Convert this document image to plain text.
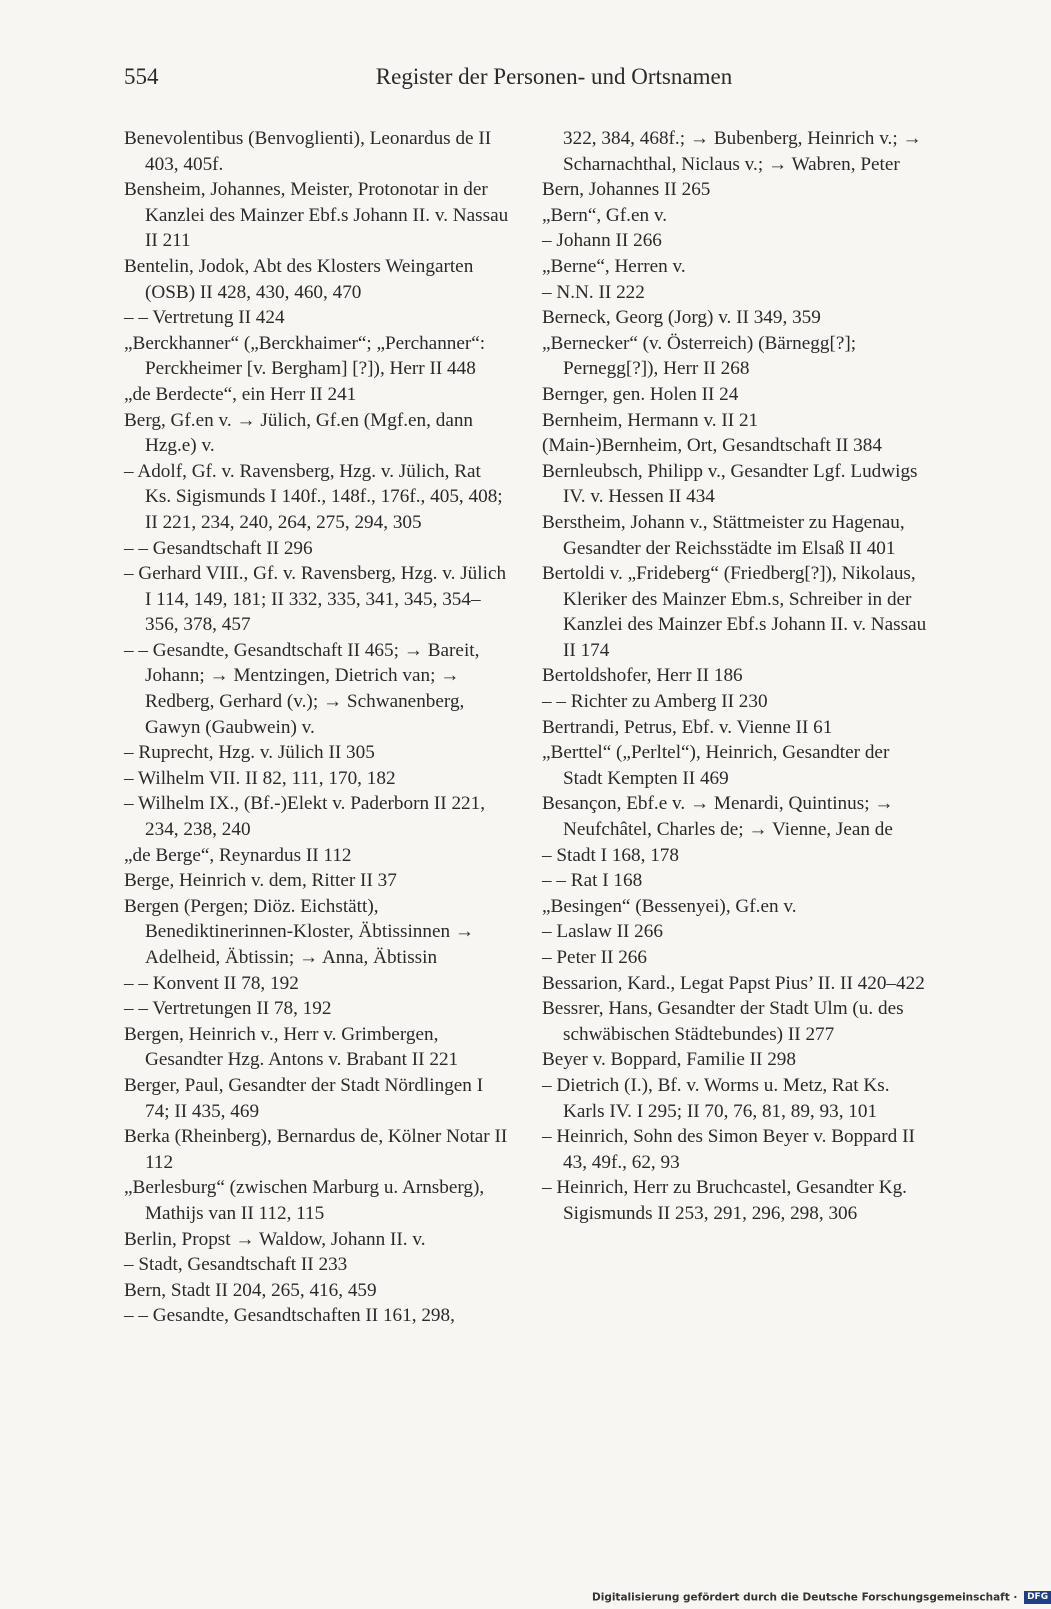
554	Register der Personen- und Ortsnamen
Benevolentibus (Benvoglienti), Leonardus de II 403, 405f.
Bensheim, Johannes, Meister, Protonotar in der Kanzlei des Mainzer Ebf.s Johann II. v. Nassau II 211
Bentelin, Jodok, Abt des Klosters Weingarten (OSB) II 428, 430, 460, 470
– – Vertretung II 424
„Berckhanner“ („Berckhaimer“; „Perchanner“: Perckheimer [v. Bergham] [?]), Herr II 448
„de Berdecte“, ein Herr II 241
Berg, Gf.en v. → Jülich, Gf.en (Mgf.en, dann Hzg.e) v.
– Adolf, Gf. v. Ravensberg, Hzg. v. Jülich, Rat Ks. Sigismunds I 140f., 148f., 176f., 405, 408; II 221, 234, 240, 264, 275, 294, 305
– – Gesandtschaft II 296
– Gerhard VIII., Gf. v. Ravensberg, Hzg. v. Jülich I 114, 149, 181; II 332, 335, 341, 345, 354–356, 378, 457
– – Gesandte, Gesandtschaft II 465; → Bareit, Johann; → Mentzingen, Dietrich van; → Redberg, Gerhard (v.); → Schwanenberg, Gawyn (Gaubwein) v.
– Ruprecht, Hzg. v. Jülich II 305
– Wilhelm VII. II 82, 111, 170, 182
– Wilhelm IX., (Bf.-)Elekt v. Paderborn II 221, 234, 238, 240
„de Berge“, Reynardus II 112
Berge, Heinrich v. dem, Ritter II 37
Bergen (Pergen; Diöz. Eichstätt), Benediktinerinnen-Kloster, Äbtissinnen → Adelheid, Äbtissin; → Anna, Äbtissin
– – Konvent II 78, 192
– – Vertretungen II 78, 192
Bergen, Heinrich v., Herr v. Grimbergen, Gesandter Hzg. Antons v. Brabant II 221
Berger, Paul, Gesandter der Stadt Nördlingen I 74; II 435, 469
Berka (Rheinberg), Bernardus de, Kölner Notar II 112
„Berlesburg“ (zwischen Marburg u. Arnsberg), Mathijs van II 112, 115
Berlin, Propst → Waldow, Johann II. v.
– Stadt, Gesandtschaft II 233
Bern, Stadt II 204, 265, 416, 459
– – Gesandte, Gesandtschaften II 161, 298,
322, 384, 468f.; → Bubenberg, Heinrich v.; → Scharnachthal, Niclaus v.; → Wabren, Peter
Bern, Johannes II 265
„Bern“, Gf.en v.
– Johann II 266
„Berne“, Herren v.
– N.N. II 222
Berneck, Georg (Jorg) v. II 349, 359
„Bernecker“ (v. Österreich) (Bärnegg[?]; Pernegg[?]), Herr II 268
Bernger, gen. Holen II 24
Bernheim, Hermann v. II 21
(Main-)Bernheim, Ort, Gesandtschaft II 384
Bernleubsch, Philipp v., Gesandter Lgf. Ludwigs IV. v. Hessen II 434
Berstheim, Johann v., Stättmeister zu Hagenau, Gesandter der Reichsstädte im Elsaß II 401
Bertoldi v. „Frideberg“ (Friedberg[?]), Nikolaus, Kleriker des Mainzer Ebm.s, Schreiber in der Kanzlei des Mainzer Ebf.s Johann II. v. Nassau II 174
Bertoldshofer, Herr II 186
– – Richter zu Amberg II 230
Bertrandi, Petrus, Ebf. v. Vienne II 61
„Berttel“ („Perltel“), Heinrich, Gesandter der Stadt Kempten II 469
Besançon, Ebf.e v. → Menardi, Quintinus; → Neufchâtel, Charles de; → Vienne, Jean de
– Stadt I 168, 178
– – Rat I 168
„Besingen“ (Bessenyei), Gf.en v.
– Laslaw II 266
– Peter II 266
Bessarion, Kard., Legat Papst Pius’ II. II 420–422
Bessrer, Hans, Gesandter der Stadt Ulm (u. des schwäbischen Städtebundes) II 277
Beyer v. Boppard, Familie II 298
– Dietrich (I.), Bf. v. Worms u. Metz, Rat Ks. Karls IV. I 295; II 70, 76, 81, 89, 93, 101
– Heinrich, Sohn des Simon Beyer v. Boppard II 43, 49f., 62, 93
– Heinrich, Herr zu Bruchcastel, Gesandter Kg. Sigismunds II 253, 291, 296, 298, 306
Digitalisierung gefördert durch die Deutsche Forschungsgemeinschaft · DFG
